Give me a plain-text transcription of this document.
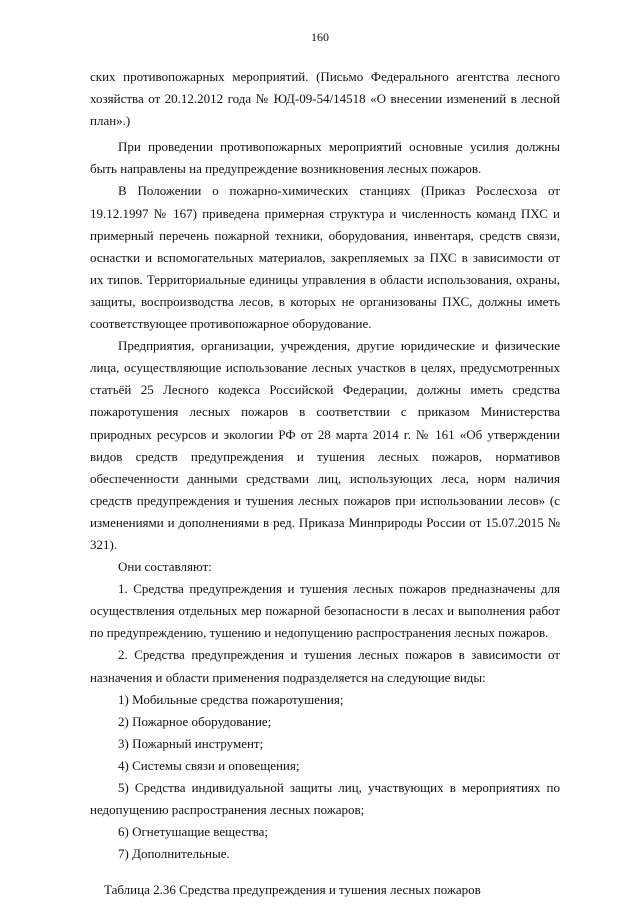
160

ских противопожарных мероприятий. (Письмо Федерального агентства лесного хозяйства от 20.12.2012 года № ЮД-09-54/14518 «О внесении изменений в лесной план».)

При проведении противопожарных мероприятий основные усилия должны быть направлены на предупреждение возникновения лесных пожаров.

В Положении о пожарно-химических станциях (Приказ Рослесхоза от 19.12.1997 № 167) приведена примерная структура и численность команд ПХС и примерный перечень пожарной техники, оборудования, инвентаря, средств связи, оснастки и вспомогательных материалов, закрепляемых за ПХС в зависимости от их типов. Территориальные единицы управления в области использования, охраны, защиты, воспроизводства лесов, в которых не организованы ПХС, должны иметь соответствующее противопожарное оборудование.

Предприятия, организации, учреждения, другие юридические и физические лица, осуществляющие использование лесных участков в целях, предусмотренных статьёй 25 Лесного кодекса Российской Федерации, должны иметь средства пожаротушения лесных пожаров в соответствии с приказом Министерства природных ресурсов и экологии РФ от 28 марта 2014 г. № 161 «Об утверждении видов средств предупреждения и тушения лесных пожаров, нормативов обеспеченности данными средствами лиц, использующих леса, норм наличия средств предупреждения и тушения лесных пожаров при использовании лесов» (с изменениями и дополнениями в ред. Приказа Минприроды России от 15.07.2015 № 321).

Они составляют:

1. Средства предупреждения и тушения лесных пожаров предназначены для осуществления отдельных мер пожарной безопасности в лесах и выполнения работ по предупреждению, тушению и недопущению распространения лесных пожаров.

2. Средства предупреждения и тушения лесных пожаров в зависимости от назначения и области применения подразделяется на следующие виды:

1) Мобильные средства пожаротушения;

2) Пожарное оборудование;

3) Пожарный инструмент;

4) Системы связи и оповещения;

5) Средства индивидуальной защиты лиц, участвующих в мероприятиях по недопущению распространения лесных пожаров;

6) Огнетушащие вещества;

7) Дополнительные.

Таблица 2.36 Средства предупреждения и тушения лесных пожаров
